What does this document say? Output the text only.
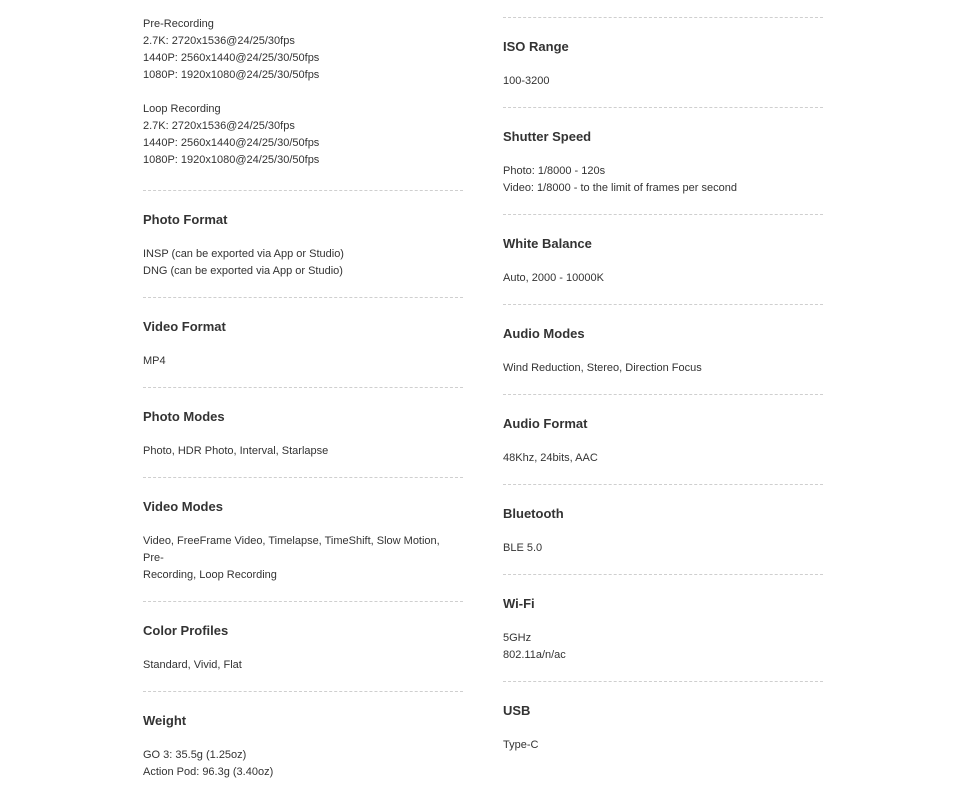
Pre-Recording
2.7K: 2720x1536@24/25/30fps
1440P: 2560x1440@24/25/30/50fps
1080P: 1920x1080@24/25/30/50fps
Loop Recording
2.7K: 2720x1536@24/25/30fps
1440P: 2560x1440@24/25/30/50fps
1080P: 1920x1080@24/25/30/50fps
Photo Format
INSP (can be exported via App or Studio)
DNG (can be exported via App or Studio)
Video Format
MP4
Photo Modes
Photo, HDR Photo, Interval, Starlapse
Video Modes
Video, FreeFrame Video, Timelapse, TimeShift, Slow Motion, Pre-
Recording, Loop Recording
Color Profiles
Standard, Vivid, Flat
Weight
GO 3: 35.5g (1.25oz)
Action Pod: 96.3g (3.40oz)
ISO Range
100-3200
Shutter Speed
Photo: 1/8000 - 120s
Video: 1/8000 - to the limit of frames per second
White Balance
Auto, 2000 - 10000K
Audio Modes
Wind Reduction, Stereo, Direction Focus
Audio Format
48Khz, 24bits, AAC
Bluetooth
BLE 5.0
Wi-Fi
5GHz
802.11a/n/ac
USB
Type-C
